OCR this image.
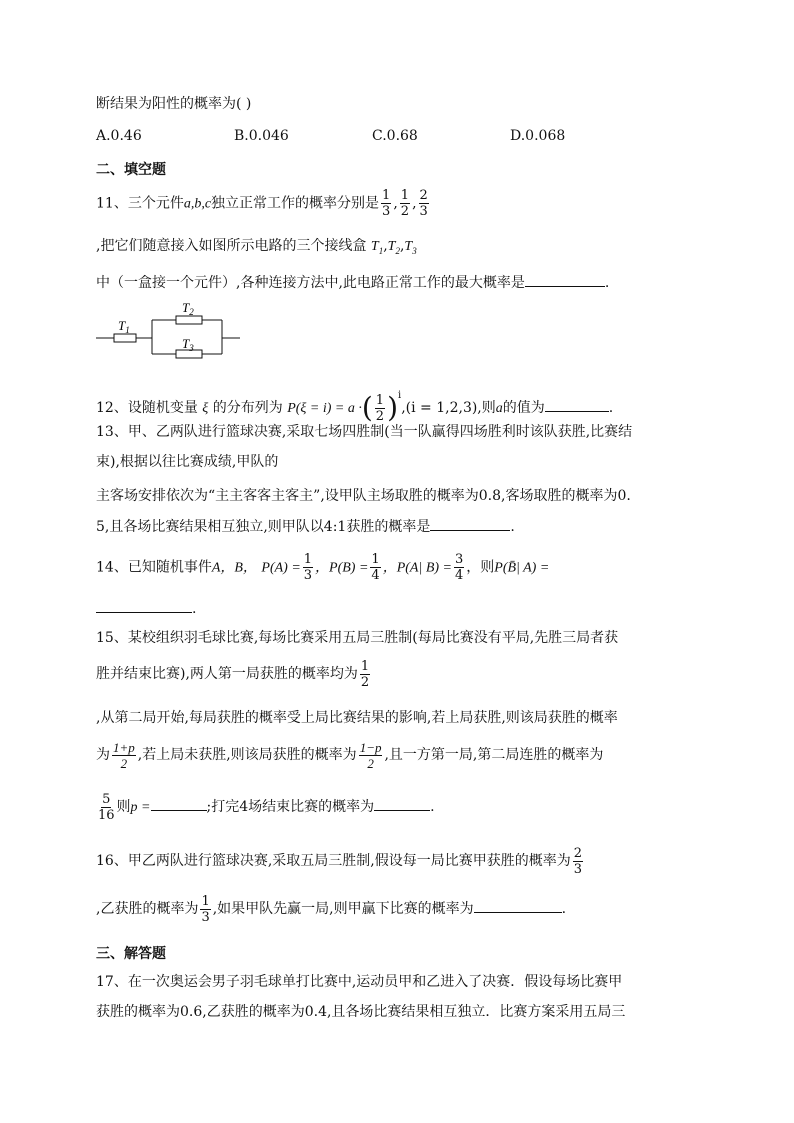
断结果为阳性的概率为( )
A.0.46	B.0.046	C.0.68	D.0.068
二、填空题
11、三个元件a,b,c独立正常工作的概率分别是 $\frac{1}{3}$ , $\frac{1}{2}$ , $\frac{2}{3}$
,把它们随意接入如图所示电路的三个接线盒 $T_1,T_2,T_3$
中（一盒接一个元件）,各种连接方法中,此电路正常工作的最大概率是	.
$T_1$
$T_2$
$T_3$
12、设随机变量 ξ 的分布列为 P(ξ = i) = a ·( $\frac{1}{2} )^i,(i = 1,2,3)$,则a的值为	.
13、甲、乙两队进行篮球决赛,采取七场四胜制(当一队赢得四场胜利时该队获胜,比赛结
束),根据以往比赛成绩,甲队的
主客场安排依次为“主主客客主客主”,设甲队主场取胜的概率为0.8,客场取胜的概率为0.
5,且各场比赛结果相互独立,则甲队以4:1获胜的概率是	.
14、已知随机事件A，B， $P(A) = \frac{1}{3}$ ，$P(B) = \frac{1}{4}$ ，P(A| $B) = \frac{3}{4}$ ，则P(B̄| A) =
.
15、某校组织羽毛球比赛,每场比赛采用五局三胜制(每局比赛没有平局,先胜三局者获
胜并结束比赛),两人第一局获胜的概率均为 $\frac{1}{2}$
,从第二局开始,每局获胜的概率受上局比赛结果的影响,若上局获胜,则该局获胜的概率
为 $\frac{1+p}{2}$ ,若上局未获胜,则该局获胜的概率为 $\frac{1-p}{2}$ ,且一方第一局,第二局连胜的概率为
$\frac{5}{16}$ 则p =	;打完4场结束比赛的概率为	.
16、甲乙两队进行篮球决赛,采取五局三胜制,假设每一局比赛甲获胜的概率为 $\frac{2}{3}$
,乙获胜的概率为 $\frac{1}{3}$ ,如果甲队先赢一局,则甲赢下比赛的概率为	.
三、解答题
17、在一次奥运会男子羽毛球单打比赛中,运动员甲和乙进入了决赛．假设每场比赛甲
获胜的概率为0.6,乙获胜的概率为0.4,且各场比赛结果相互独立．比赛方案采用五局三
